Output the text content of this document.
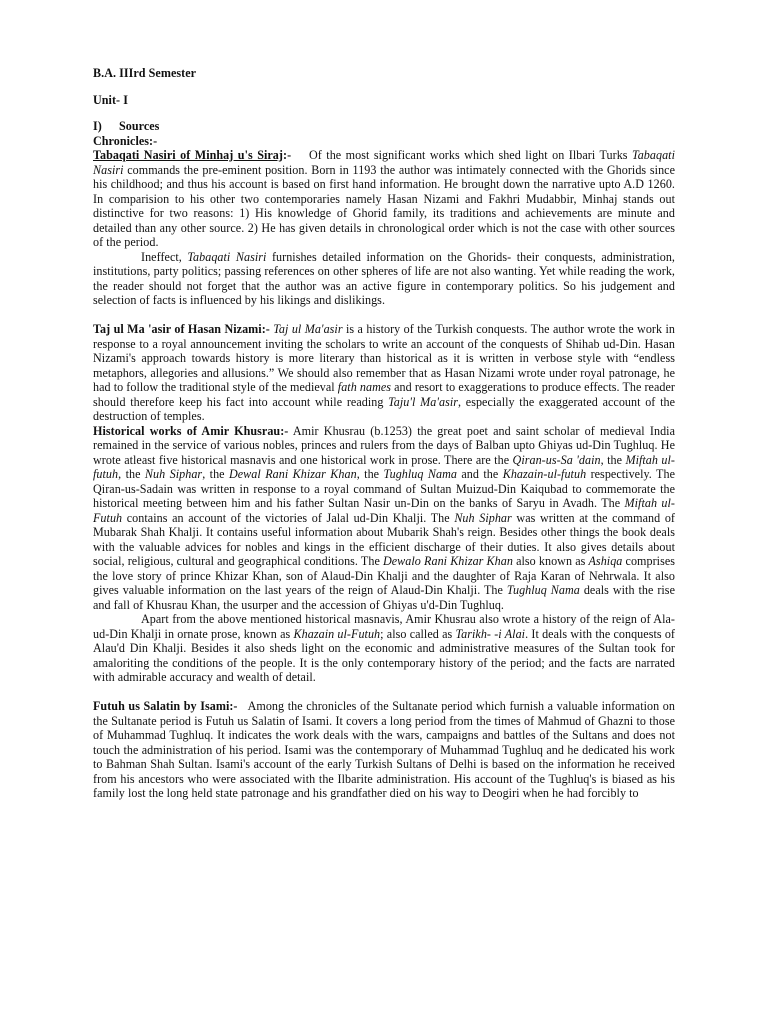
B.A. IIIrd Semester
Unit- I
I) Sources
Chronicles:-

Tabaqati Nasiri of Minhaj u's Siraj:- Of the most significant works which shed light on Ilbari Turks Tabaqati Nasiri commands the pre-eminent position. Born in 1193 the author was intimately connected with the Ghorids since his childhood; and thus his account is based on first hand information. He brought down the narrative upto A.D 1260. In comparision to his other two contemporaries namely Hasan Nizami and Fakhri Mudabbir, Minhaj stands out distinctive for two reasons: 1) His knowledge of Ghorid family, its traditions and achievements are minute and detailed than any other source. 2) He has given details in chronological order which is not the case with other sources of the period.

Ineffect, Tabaqati Nasiri furnishes detailed information on the Ghorids- their conquests, administration, institutions, party politics; passing references on other spheres of life are not also wanting. Yet while reading the work, the reader should not forget that the author was an active figure in contemporary politics. So his judgement and selection of facts is influenced by his likings and dislikings.

Taj ul Ma 'asir of Hasan Nizami:- Taj ul Ma'asir is a history of the Turkish conquests. The author wrote the work in response to a royal announcement inviting the scholars to write an account of the conquests of Shihab ud-Din. Hasan Nizami's approach towards history is more literary than historical as it is written in verbose style with “endless metaphors, allegories and allusions.” We should also remember that as Hasan Nizami wrote under royal patronage, he had to follow the traditional style of the medieval fath names and resort to exaggerations to produce effects. The reader should therefore keep his fact into account while reading Taju'l Ma'asir, especially the exaggerated account of the destruction of temples.

Historical works of Amir Khusrau:- Amir Khusrau (b.1253) the great poet and saint scholar of medieval India remained in the service of various nobles, princes and rulers from the days of Balban upto Ghiyas ud-Din Tughluq. He wrote atleast five historical masnavis and one historical work in prose. There are the Qiran-us-Sa 'dain, the Miftah ul-futuh, the Nuh Siphar, the Dewal Rani Khizar Khan, the Tughluq Nama and the Khazain-ul-futuh respectively. The Qiran-us-Sadain was written in response to a royal command of Sultan Muizud-Din Kaiqubad to commemorate the historical meeting between him and his father Sultan Nasir un-Din on the banks of Saryu in Avadh. The Miftah ul-Futuh contains an account of the victories of Jalal ud-Din Khalji. The Nuh Siphar was written at the command of Mubarak Shah Khalji. It contains useful information about Mubarik Shah's reign. Besides other things the book deals with the valuable advices for nobles and kings in the efficient discharge of their duties. It also gives details about social, religious, cultural and geographical conditions. The Dewalo Rani Khizar Khan also known as Ashiqa comprises the love story of prince Khizar Khan, son of Alaud-Din Khalji and the daughter of Raja Karan of Nehrwala. It also gives valuable information on the last years of the reign of Alaud-Din Khalji. The Tughluq Nama deals with the rise and fall of Khusrau Khan, the usurper and the accession of Ghiyas u'd-Din Tughluq.

Apart from the above mentioned historical masnavis, Amir Khusrau also wrote a history of the reign of Ala-ud-Din Khalji in ornate prose, known as Khazain ul-Futuh; also called as Tarikh- -i Alai. It deals with the conquests of Alau'd Din Khalji. Besides it also sheds light on the economic and administrative measures of the Sultan took for amaloriting the conditions of the people. It is the only contemporary history of the period; and the facts are narrated with admirable accuracy and wealth of detail.

Futuh us Salatin by Isami:-   Among the chronicles of the Sultanate period which furnish a valuable information on the Sultanate period is Futuh us Salatin of Isami. It covers a long period from the times of Mahmud of Ghazni to those of Muhammad Tughluq. It indicates the work deals with the wars, campaigns and battles of the Sultans and does not touch the administration of his period. Isami was the contemporary of Muhammad Tughluq and he dedicated his work to Bahman Shah Sultan. Isami's account of the early Turkish Sultans of Delhi is based on the information he received from his ancestors who were associated with the Ilbarite administration. His account of the Tughluq's is biased as his family lost the long held state patronage and his grandfather died on his way to Deogiri when he had forcibly to
